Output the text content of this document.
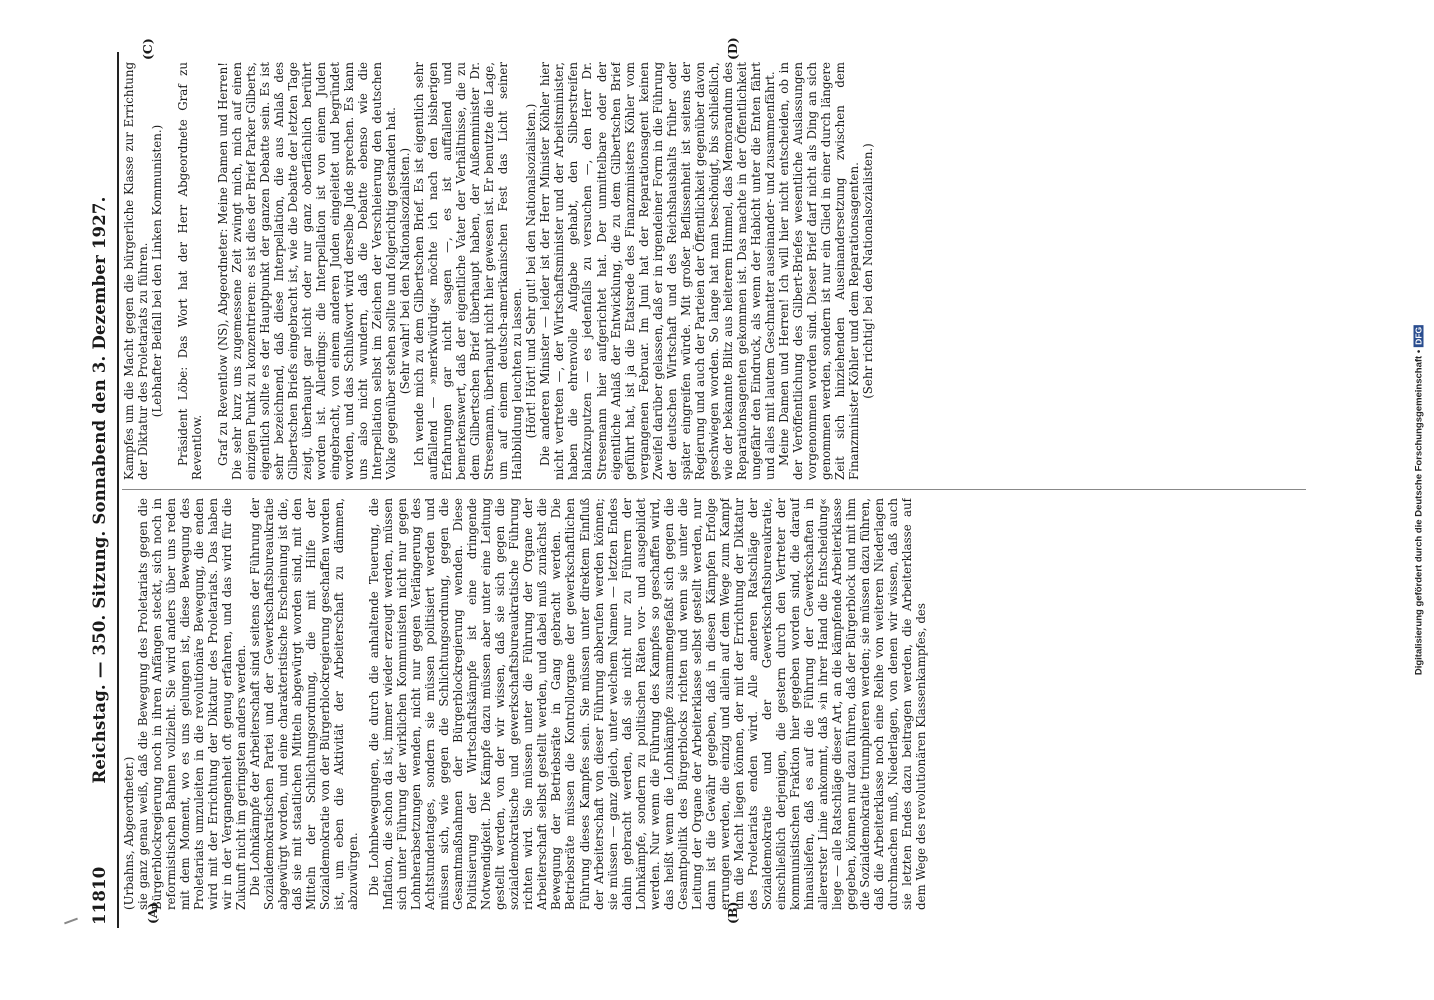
11810
Reichstag. — 350. Sitzung. Sonnabend den 3. Dezember 1927.
(A)	(B)
(C)	(D)

(Urbahns, Abgeordneter.) sie ganz genau weiß, daß die Bewegung des Proletariats gegen die Bürgerblockregierung noch in ihren Anfängen steckt, sich noch in reformistischen Bahnen vollzieht. Sie wird anders über uns reden mit dem Moment, wo es uns gelungen ist, diese Bewegung des Proletariats umzuleiten in die revolutionäre Bewegung, die enden wird mit der Errichtung der Diktatur des Proletariats. Das haben wir in der Vergangenheit oft genug erfahren, und das wird für die Zukunft nicht im geringsten anders werden. Die Lohnkämpfe der Arbeiterschaft sind seitens der Führung der Sozialdemokratischen Partei und der Gewerkschaftsbureaukratie abgewürgt worden, und eine charakteristische Erscheinung ist die, daß sie mit staatlichen Mitteln abgewürgt worden sind, mit den Mitteln der Schlichtungsordnung, die mit Hilfe der Sozialdemokratie von der Bürgerblockregierung geschaffen worden ist, um eben die Aktivität der Arbeiterschaft zu dämmen, abzuwürgen. Die Lohnbewegungen, die durch die anhaltende Teuerung, die Inflation, die schon da ist, immer wieder erzeugt werden, müssen sich unter Führung der wirklichen Kommunisten nicht nur gegen Lohnherabsetzungen wenden, nicht nur gegen Verlängerung des Achtstundentages, sondern sie müssen politisiert werden und müssen sich, wie gegen die Schlichtungsordnung, gegen die Gesamtmaßnahmen der Bürgerblockregierung wenden. Diese Politisierung der Wirtschaftskämpfe ist eine dringende Notwendigkeit. Die Kämpfe dazu müssen aber unter eine Leitung gestellt werden, von der wir wissen, daß sie sich gegen die sozialdemokratische und gewerkschaftsbureaukratische Führung richten wird. Sie müssen unter die Führung der Organe der Arbeiterschaft selbst gestellt werden, und dabei muß zunächst die Bewegung der Betriebsräte in Gang gebracht werden. Die Betriebsräte müssen die Kontrollorgane der gewerkschaftlichen Führung dieses Kampfes sein. Sie müssen unter direktem Einfluß der Arbeiterschaft von dieser Führung abberufen werden können; sie müssen — ganz gleich, unter welchem Namen — letzten Endes dahin gebracht werden, daß sie nicht nur zu Führern der Lohnkämpfe, sondern zu politischen Räten vor- und ausgebildet werden. Nur wenn die Führung des Kampfes so geschaffen wird, das heißt wenn die Lohnkämpfe zusammengefaßt sich gegen die Gesamtpolitik des Bürgerblocks richten und wenn sie unter die Leitung der Organe der Arbeiterklasse selbst gestellt werden, nur dann ist die Gewähr gegeben, daß in diesen Kämpfen Erfolge errungen werden, die einzig und allein auf dem Wege zum Kampf um die Macht liegen können, der mit der Errichtung der Diktatur des Proletariats enden wird. Alle anderen Ratschläge der Sozialdemokratie und der Gewerkschaftsbureaukratie, einschließlich derjenigen, die gestern durch den Vertreter der kommunistischen Fraktion hier gegeben worden sind, die darauf hinausliefen, daß es auf die Führung der Gewerkschaften in allererster Linie ankommt, daß »in ihrer Hand die Entscheidung« liege — alle Ratschläge dieser Art, an die kämpfende Arbeiterklasse gegeben, können nur dazu führen, daß der Bürgerblock und mit ihm die Sozialdemokratie triumphieren werden; sie müssen dazu führen, daß die Arbeiterklasse noch eine Reihe von weiteren Niederlagen durchmachen muß, Niederlagen, von denen wir wissen, daß auch sie letzten Endes dazu beitragen werden, die Arbeiterklasse auf dem Wege des revolutionären Klassenkampfes, des

Kampfes um die Macht gegen die bürgerliche Klasse zur Errichtung der Diktatur des Proletariats zu führen. (Lebhafter Beifall bei den Linken Kommunisten.) Präsident Löbe: Das Wort hat der Herr Abgeordnete Graf zu Reventlow. Graf zu Reventlow (NS), Abgeordneter: Meine Damen und Herren! Die sehr kurz uns zugemessene Zeit zwingt mich, mich auf einen einzigen Punkt zu konzentrieren: es ist dies der Brief Parker Gilberts, eigentlich sollte es der Hauptpunkt der ganzen Debatte sein. Es ist sehr bezeichnend, daß diese Interpellation, die aus Anlaß des Gilbertschen Briefs eingebracht ist, wie die Debatte der letzten Tage zeigt, überhaupt gar nicht oder nur ganz oberflächlich berührt worden ist. Allerdings: die Interpellation ist von einem Juden eingebracht, von einem anderen Juden eingeleitet und begründet worden, und das Schlußwort wird derselbe Jude sprechen. Es kann uns also nicht wundern, daß die Debatte ebenso wie die Interpellation selbst im Zeichen der Verschleierung den deutschen Volke gegenüber stehen sollte und folgerichtig gestanden hat. (Sehr wahr! bei den Nationalsozialisten.) Ich wende mich zu dem Gilbertschen Brief. Es ist eigentlich sehr auffallend — »merkwürdig« möchte ich nach den bisherigen Erfahrungen gar nicht sagen —, es ist auffallend und bemerkenswert, daß der eigentliche Vater der Verhältnisse, die zu dem Gilbertschen Brief überhaupt haben, der Außenminister Dr. Stresemann, überhaupt nicht hier gewesen ist. Er benutzte die Lage, um auf einem deutsch-amerikanischen Fest das Licht seiner Halbbildung leuchten zu lassen. (Hört! Hört! und Sehr gut! bei den Nationalsozialisten.) Die anderen Minister — leider ist der Herr Minister Köhler hier nicht vertreten —, der Wirtschaftsminister und der Arbeitsminister, haben die ehrenvolle Aufgabe gehabt, den Silberstreifen blankzuputzen — es jedenfalls zu versuchen —, den Herr Dr. Stresemann hier aufgerichtet hat. Der unmittelbare oder der eigentliche Anlaß der Entwicklung, die zu dem Gilbertschen Brief geführt hat, ist ja die Etatsrede des Finanzministers Köhler vom vergangenen Februar. Im Juni hat der Reparationsagent keinen Zweifel darüber gelassen, daß er in irgendeiner Form in die Führung der deutschen Wirtschaft und des Reichshaushalts früher oder später eingreifen würde. Mit großer Beflissenheit ist seitens der Regierung und auch der Parteien der Öffentlichkeit gegenüber davon geschwiegen worden. So lange hat man beschönigt, bis schließlich, wie der bekannte Blitz aus heiterem Himmel, das Memorandum des Reparationsagenten gekommen ist. Das machte in der Öffentlichkeit ungefähr den Eindruck, als wenn der Habicht unter die Enten fährt und alles mit lautem Geschnatter auseinander- und zusammenfährt. Meine Damen und Herren! Ich will hier nicht entscheiden, ob in der Veröffentlichung des Gilbert-Briefes wesentliche Auslassungen vorgenommen worden sind. Dieser Brief darf nicht als Ding an sich genommen werden, sondern ist nur ein Glied in einer durch längere Zeit sich hinziehenden Auseinandersetzung zwischen dem Finanzminister Köhler und dem Reparationsagenten. (Sehr richtig! bei den Nationalsozialisten.)

Digitalisierung gefördert durch die Deutsche Forschungsgemeinschaft •DFG
